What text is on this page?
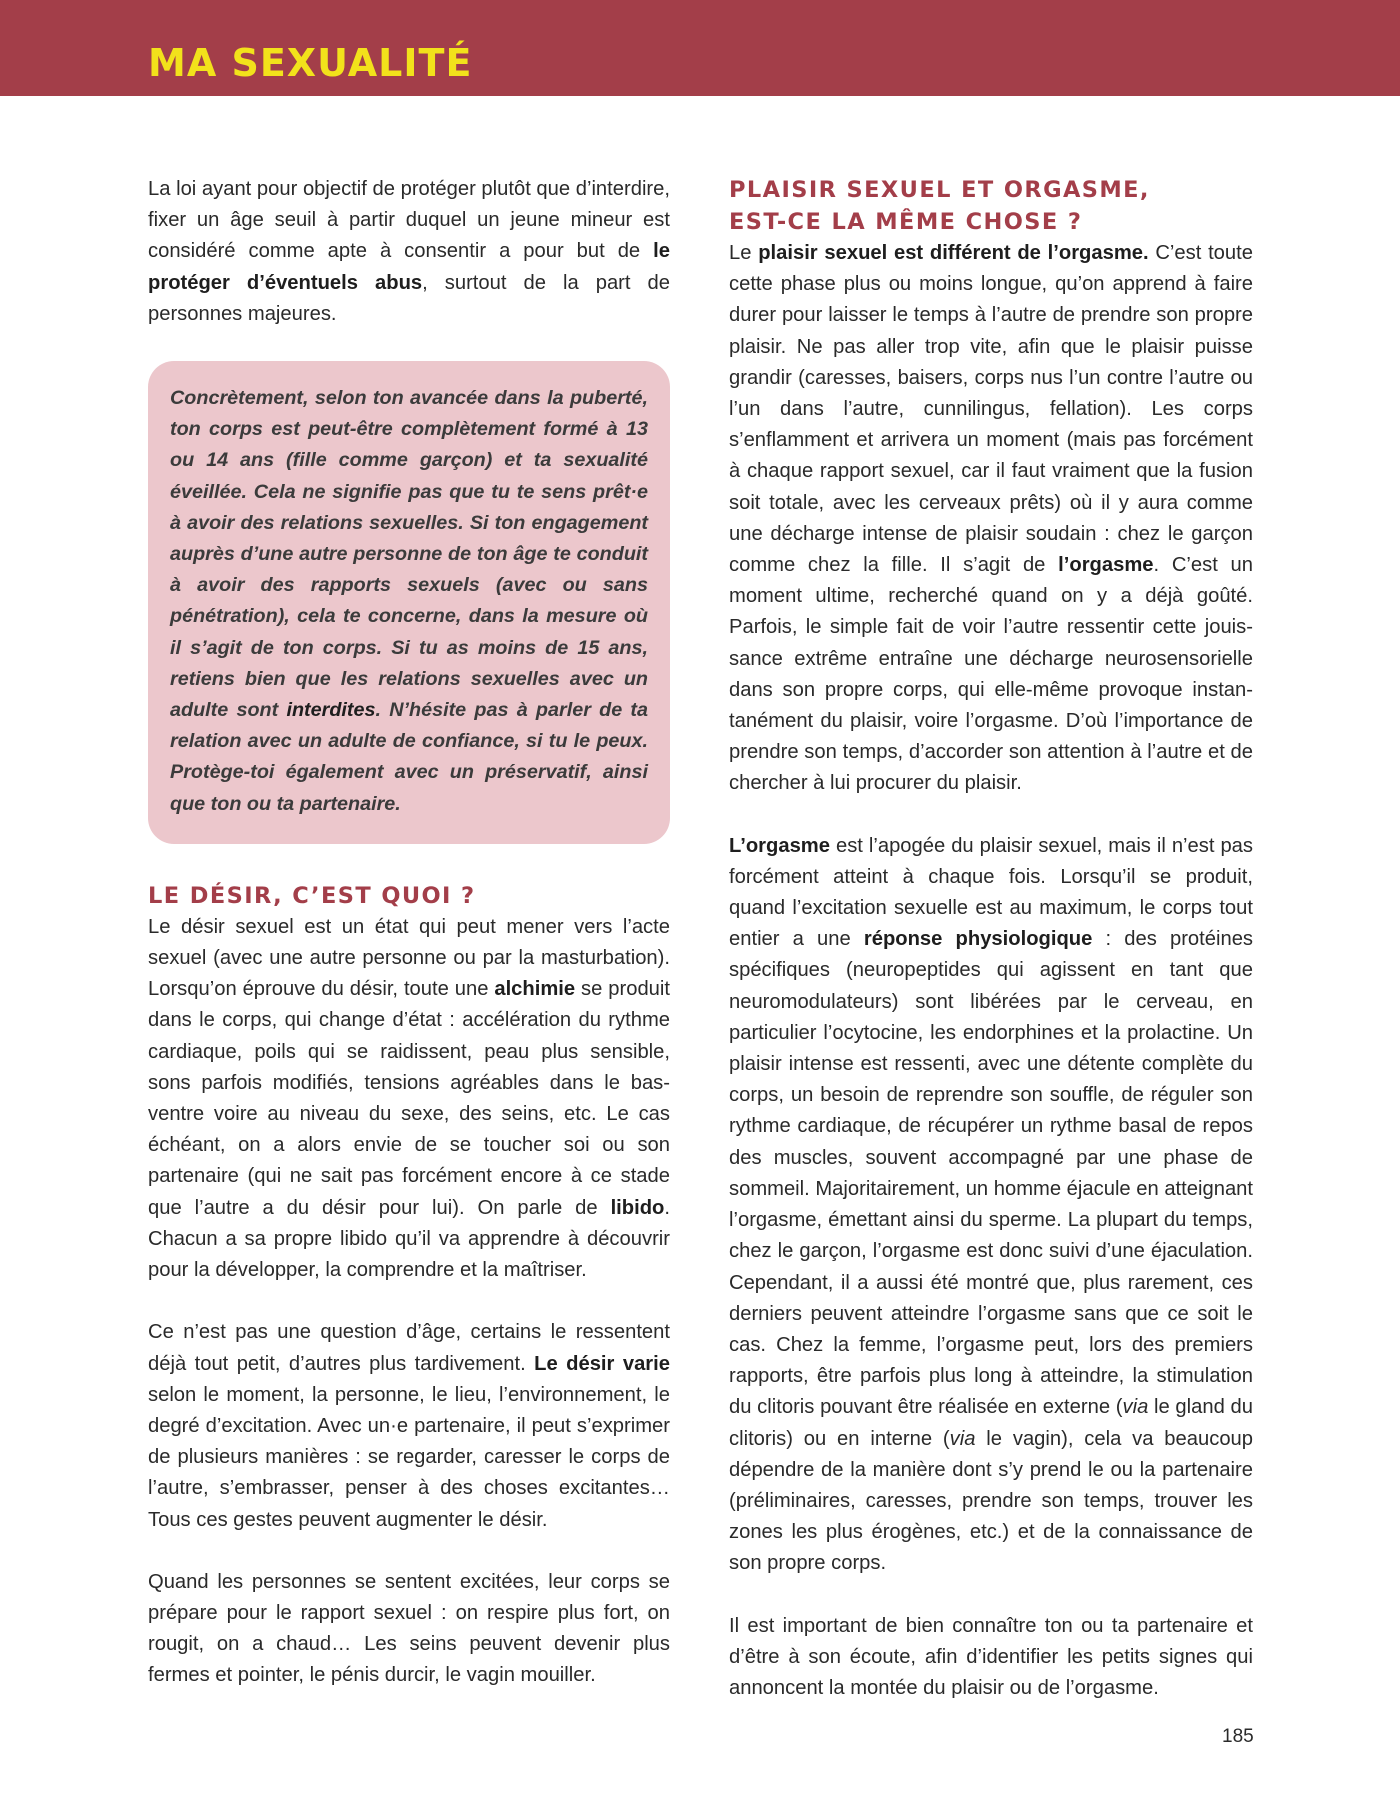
MA SEXUALITÉ

La loi ayant pour objectif de protéger plutôt que d’interdire, fixer un âge seuil à partir duquel un jeune mineur est considéré comme apte à consentir a pour but de le protéger d’éventuels abus, surtout de la part de personnes majeures.

Concrètement, selon ton avancée dans la puberté, ton corps est peut-être complètement formé à 13 ou 14 ans (fille comme garçon) et ta sexualité éveillée. Cela ne signifie pas que tu te sens prêt·e à avoir des relations sexuelles. Si ton engagement auprès d’une autre personne de ton âge te conduit à avoir des rapports sexuels (avec ou sans pénétration), cela te concerne, dans la mesure où il s’agit de ton corps. Si tu as moins de 15 ans, retiens bien que les relations sexuelles avec un adulte sont interdites. N’hésite pas à parler de ta relation avec un adulte de confiance, si tu le peux. Protège-toi également avec un préservatif, ainsi que ton ou ta partenaire.

LE DÉSIR, C’EST QUOI ?

Le désir sexuel est un état qui peut mener vers l’acte sexuel (avec une autre personne ou par la masturbation). Lorsqu’on éprouve du désir, toute une alchimie se produit dans le corps, qui change d’état : accélération du rythme cardiaque, poils qui se raidissent, peau plus sensible, sons parfois modifiés, tensions agréables dans le bas-ventre voire au niveau du sexe, des seins, etc. Le cas échéant, on a alors envie de se toucher soi ou son partenaire (qui ne sait pas forcément encore à ce stade que l’autre a du désir pour lui). On parle de libido. Chacun a sa propre libido qu’il va apprendre à découvrir pour la développer, la comprendre et la maîtriser.

Ce n’est pas une question d’âge, certains le ressentent déjà tout petit, d’autres plus tardivement. Le désir varie selon le moment, la personne, le lieu, l’environnement, le degré d’excitation. Avec un·e partenaire, il peut s’exprimer de plusieurs manières : se regarder, caresser le corps de l’autre, s’embrasser, penser à des choses excitantes… Tous ces gestes peuvent augmenter le désir.

Quand les personnes se sentent excitées, leur corps se prépare pour le rapport sexuel : on respire plus fort, on rougit, on a chaud… Les seins peuvent devenir plus fermes et pointer, le pénis durcir, le vagin mouiller.

PLAISIR SEXUEL ET ORGASME,
EST-CE LA MÊME CHOSE ?

Le plaisir sexuel est différent de l’orgasme. C’est toute cette phase plus ou moins longue, qu’on apprend à faire durer pour laisser le temps à l’autre de prendre son propre plaisir. Ne pas aller trop vite, afin que le plaisir puisse grandir (caresses, baisers, corps nus l’un contre l’autre ou l’un dans l’autre, cunnilingus, fellation). Les corps s’enflamment et arrivera un moment (mais pas forcément à chaque rapport sexuel, car il faut vraiment que la fusion soit totale, avec les cerveaux prêts) où il y aura comme une décharge intense de plaisir soudain : chez le garçon comme chez la fille. Il s’agit de l’orgasme. C’est un moment ultime, recherché quand on y a déjà goûté. Parfois, le simple fait de voir l’autre ressentir cette jouissance extrême entraîne une décharge neurosensorielle dans son propre corps, qui elle-même provoque instantanément du plaisir, voire l’orgasme. D’où l’importance de prendre son temps, d’accorder son attention à l’autre et de chercher à lui procurer du plaisir.

L’orgasme est l’apogée du plaisir sexuel, mais il n’est pas forcément atteint à chaque fois. Lorsqu’il se produit, quand l’excitation sexuelle est au maximum, le corps tout entier a une réponse physiologique : des protéines spécifiques (neuropeptides qui agissent en tant que neuromodulateurs) sont libérées par le cerveau, en particulier l’ocytocine, les endorphines et la prolactine. Un plaisir intense est ressenti, avec une détente complète du corps, un besoin de reprendre son souffle, de réguler son rythme cardiaque, de récupérer un rythme basal de repos des muscles, souvent accompagné par une phase de sommeil. Majoritairement, un homme éjacule en atteignant l’orgasme, émettant ainsi du sperme. La plupart du temps, chez le garçon, l’orgasme est donc suivi d’une éjaculation. Cependant, il a aussi été montré que, plus rarement, ces derniers peuvent atteindre l’orgasme sans que ce soit le cas. Chez la femme, l’orgasme peut, lors des premiers rapports, être parfois plus long à atteindre, la stimulation du clitoris pouvant être réalisée en externe (via le gland du clitoris) ou en interne (via le vagin), cela va beaucoup dépendre de la manière dont s’y prend le ou la partenaire (préliminaires, caresses, prendre son temps, trouver les zones les plus érogènes, etc.) et de la connaissance de son propre corps.

Il est important de bien connaître ton ou ta partenaire et d’être à son écoute, afin d’identifier les petits signes qui annoncent la montée du plaisir ou de l’orgasme.

185
